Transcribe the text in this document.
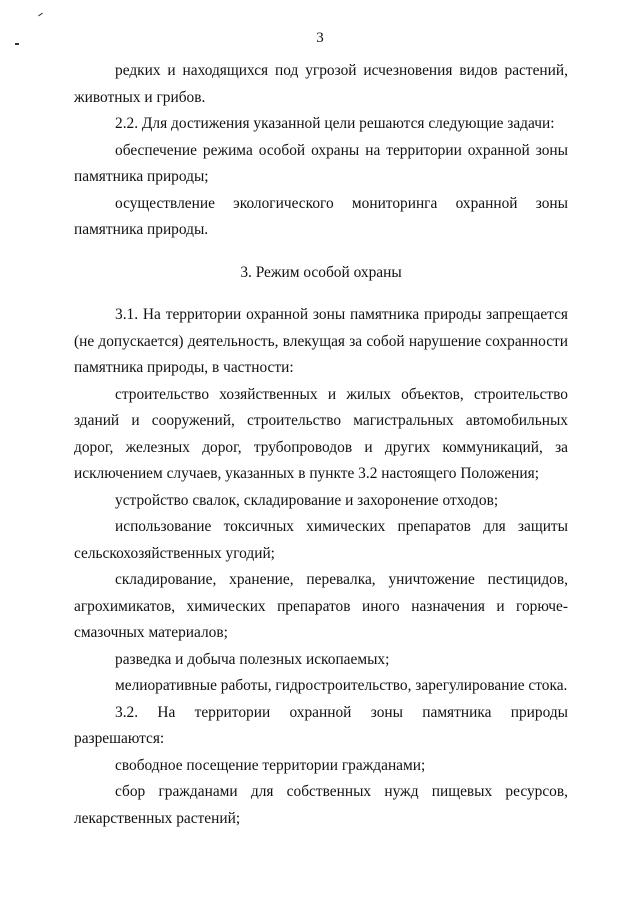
3

редких и находящихся под угрозой исчезновения видов растений, животных и грибов.

2.2. Для достижения указанной цели решаются следующие задачи:

обеспечение режима особой охраны на территории охранной зоны памятника природы;

осуществление экологического мониторинга охранной зоны памятника природы.

3. Режим особой охраны

3.1. На территории охранной зоны памятника природы запрещается (не допускается) деятельность, влекущая за собой нарушение сохранности памятника природы, в частности:

строительство хозяйственных и жилых объектов, строительство зданий и сооружений, строительство магистральных автомобильных дорог, железных дорог, трубопроводов и других коммуникаций, за исключением случаев, указанных в пункте 3.2 настоящего Положения;

устройство свалок, складирование и захоронение отходов;

использование токсичных химических препаратов для защиты сельскохозяйственных угодий;

складирование, хранение, перевалка, уничтожение пестицидов, агрохимикатов, химических препаратов иного назначения и горюче-смазочных материалов;

разведка и добыча полезных ископаемых;

мелиоративные работы, гидростроительство, зарегулирование стока.

3.2. На территории охранной зоны памятника природы разрешаются:

свободное посещение территории гражданами;

сбор гражданами для собственных нужд пищевых ресурсов, лекарственных растений;
